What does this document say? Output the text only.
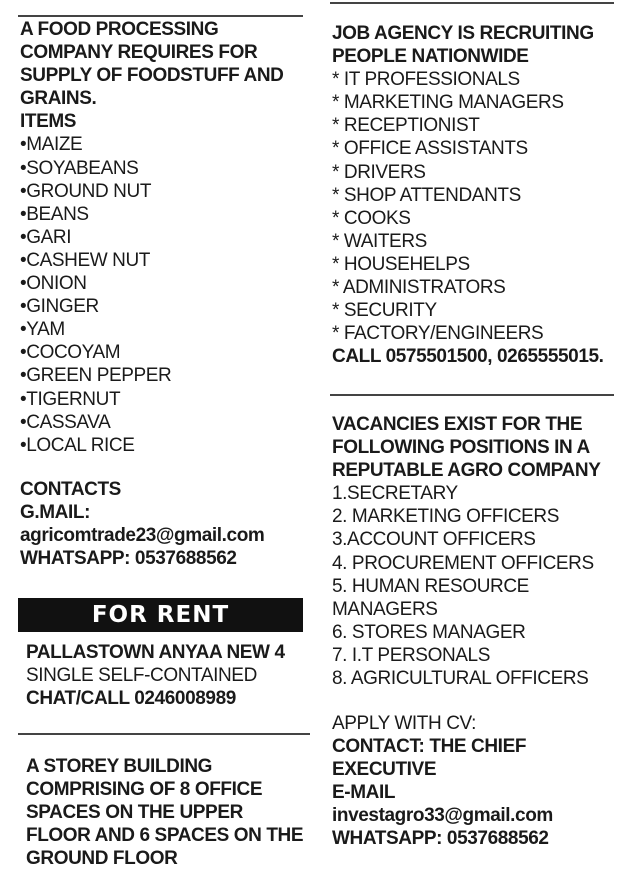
A FOOD PROCESSING
COMPANY REQUIRES FOR
SUPPLY OF FOODSTUFF AND
GRAINS.
ITEMS
•MAIZE
•SOYABEANS
•GROUND NUT
•BEANS
•GARI
•CASHEW NUT
•ONION
•GINGER
•YAM
•COCOYAM
•GREEN PEPPER
•TIGERNUT
•CASSAVA
•LOCAL RICE
CONTACTS
G.MAIL:
agricomtrade23@gmail.com
WHATSAPP: 0537688562
FOR RENT
PALLASTOWN ANYAA NEW 4
SINGLE SELF-CONTAINED
CHAT/CALL 0246008989
A STOREY BUILDING
COMPRISING OF 8 OFFICE
SPACES ON THE UPPER
FLOOR AND 6 SPACES ON THE
GROUND FLOOR
JOB AGENCY IS RECRUITING
PEOPLE NATIONWIDE
* IT PROFESSIONALS
* MARKETING MANAGERS
* RECEPTIONIST
* OFFICE ASSISTANTS
* DRIVERS
* SHOP ATTENDANTS
* COOKS
* WAITERS
* HOUSEHELPS
* ADMINISTRATORS
* SECURITY
* FACTORY/ENGINEERS
CALL 0575501500, 0265555015.
VACANCIES EXIST FOR THE
FOLLOWING POSITIONS IN A
REPUTABLE AGRO COMPANY
1.SECRETARY
2. MARKETING OFFICERS
3.ACCOUNT OFFICERS
4. PROCUREMENT OFFICERS
5. HUMAN RESOURCE
MANAGERS
6. STORES MANAGER
7. I.T PERSONALS
8. AGRICULTURAL OFFICERS
APPLY WITH CV:
CONTACT: THE CHIEF
EXECUTIVE
E-MAIL
investagro33@gmail.com
WHATSAPP: 0537688562
